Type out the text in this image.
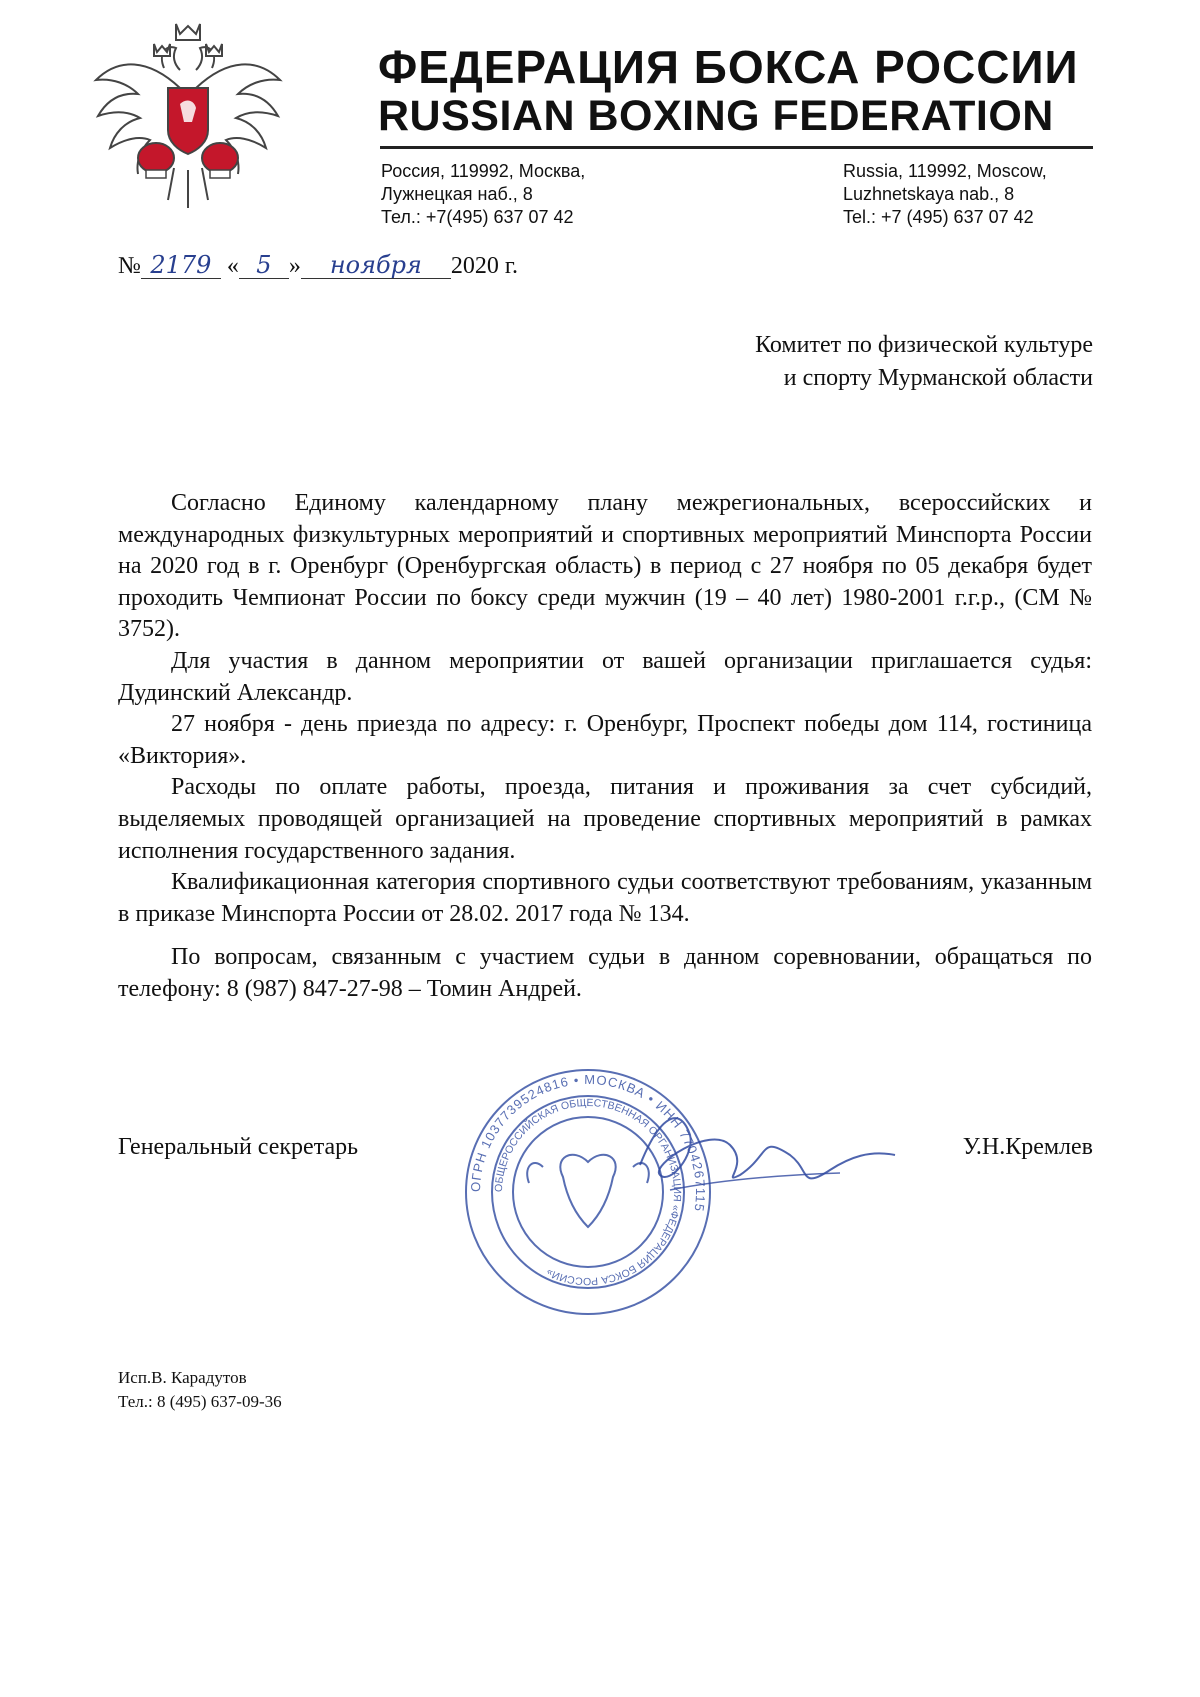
ФЕДЕРАЦИЯ БОКСА РОССИИ
RUSSIAN BOXING FEDERATION
Россия, 119992, Москва,
Лужнецкая наб., 8
Тел.: +7(495) 637 07 42
Russia, 119992, Moscow,
Luzhnetskaya nab., 8
Tel.: +7 (495) 637 07 42
№ 2179 « 5 » ноября 2020 г.
Комитет по физической культуре
и спорту Мурманской области

Согласно Единому календарному плану межрегиональных, всероссийских и международных физкультурных мероприятий и спортивных мероприятий Минспорта России на 2020 год в г. Оренбург (Оренбургская область) в период с 27 ноября по 05 декабря будет проходить Чемпионат России по боксу среди мужчин (19 – 40 лет) 1980-2001 г.г.р., (СМ № 3752).

Для участия в данном мероприятии от вашей организации приглашается судья: Дудинский Александр.

27 ноября - день приезда по адресу: г. Оренбург, Проспект победы дом 114, гостиница «Виктория».

Расходы по оплате работы, проезда, питания и проживания за счет субсидий, выделяемых проводящей организацией на проведение спортивных мероприятий в рамках исполнения государственного задания.

Квалификационная категория спортивного судьи соответствуют требованиям, указанным в приказе Минспорта России от 28.02. 2017 года № 134.

По вопросам, связанным с участием судьи в данном соревновании, обращаться по телефону: 8 (987) 847-27-98 – Томин Андрей.

ОГРН 1037739524816 • МОСКВА • ИНН 7704267115
ОБЩЕРОССИЙСКАЯ ОБЩЕСТВЕННАЯ ОРГАНИЗАЦИЯ «ФЕДЕРАЦИЯ БОКСА РОССИИ»
Генеральный секретарь	У.Н.Кремлев
Исп.В. Карадутов
Тел.: 8 (495) 637-09-36
